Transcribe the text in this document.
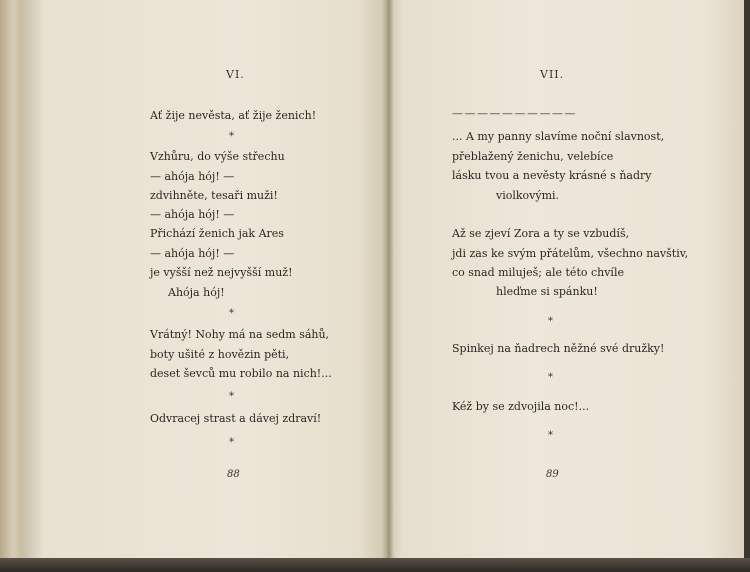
VI.
Ať žije nevěsta, ať žije ženich!
*
Vzhůru, do výše střechu
— ahója hój! —
zdvihněte, tesaři muži!
— ahója hój! —
Přichází ženich jak Ares
— ahója hój! —
je vyšší než nejvyšší muž!
Ahója hój!
*
Vrátný! Nohy má na sedm sáhů,
boty ušité z hovězin pěti,
deset ševců mu robilo na nich!...
*
Odvracej strast a dávej zdraví!
*
88
VII.
— — — — — — — — — —
... A my panny slavíme noční slavnost,
přeblažený ženichu, velebíce
lásku tvou a nevěsty krásné s ňadry
violkovými.
Až se zjeví Zora a ty se vzbudíš,
jdi zas ke svým přátelům, všechno navštiv,
co snad miluješ; ale této chvíle
hleďme si spánku!
*
Spinkej na ňadrech něžné své družky!
*
Kéž by se zdvojila noc!...
*
89
